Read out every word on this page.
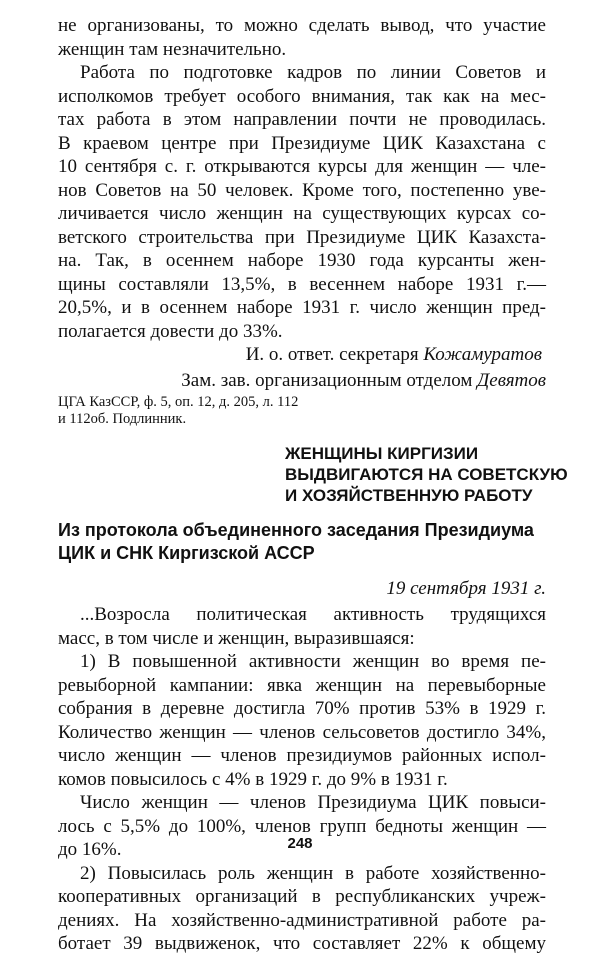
не организованы, то можно сделать вывод, что участие
женщин там незначительно.
Работа по подготовке кадров по линии Советов и
исполкомов требует особого внимания, так как на мес-
тах работа в этом направлении почти не проводилась.
В краевом центре при Президиуме ЦИК Казахстана с
10 сентября с. г. открываются курсы для женщин — чле-
нов Советов на 50 человек. Кроме того, постепенно уве-
личивается число женщин на существующих курсах со-
ветского строительства при Президиуме ЦИК Казахста-
на. Так, в осеннем наборе 1930 года курсанты жен-
щины составляли 13,5%, в весеннем наборе 1931 г.—
20,5%, и в осеннем наборе 1931 г. число женщин пред-
полагается довести до 33%.
И. о. ответ. секретаря Кожамуратов
Зам. зав. организационным отделом Девятов
ЦГА КазССР, ф. 5, оп. 12, д. 205, л. 112
и 112об. Подлинник.
ЖЕНЩИНЫ КИРГИЗИИ
ВЫДВИГАЮТСЯ НА СОВЕТСКУЮ
И ХОЗЯЙСТВЕННУЮ РАБОТУ
Из протокола объединенного заседания Президиума
ЦИК и СНК Киргизской АССР
19 сентября 1931 г.
...Возросла политическая активность трудящихся
масс, в том числе и женщин, выразившаяся:
1) В повышенной активности женщин во время пе-
ревыборной кампании: явка женщин на перевыборные
собрания в деревне достигла 70% против 53% в 1929 г.
Количество женщин — членов сельсоветов достигло 34%,
число женщин — членов президиумов районных испол-
комов повысилось с 4% в 1929 г. до 9% в 1931 г.
Число женщин — членов Президиума ЦИК повыси-
лось с 5,5% до 100%, членов групп бедноты женщин —
до 16%.
2) Повысилась роль женщин в работе хозяйственно-
кооперативных организаций в республиканских учреж-
дениях. На хозяйственно-административной работе ра-
ботает 39 выдвиженок, что составляет 22% к общему
248
